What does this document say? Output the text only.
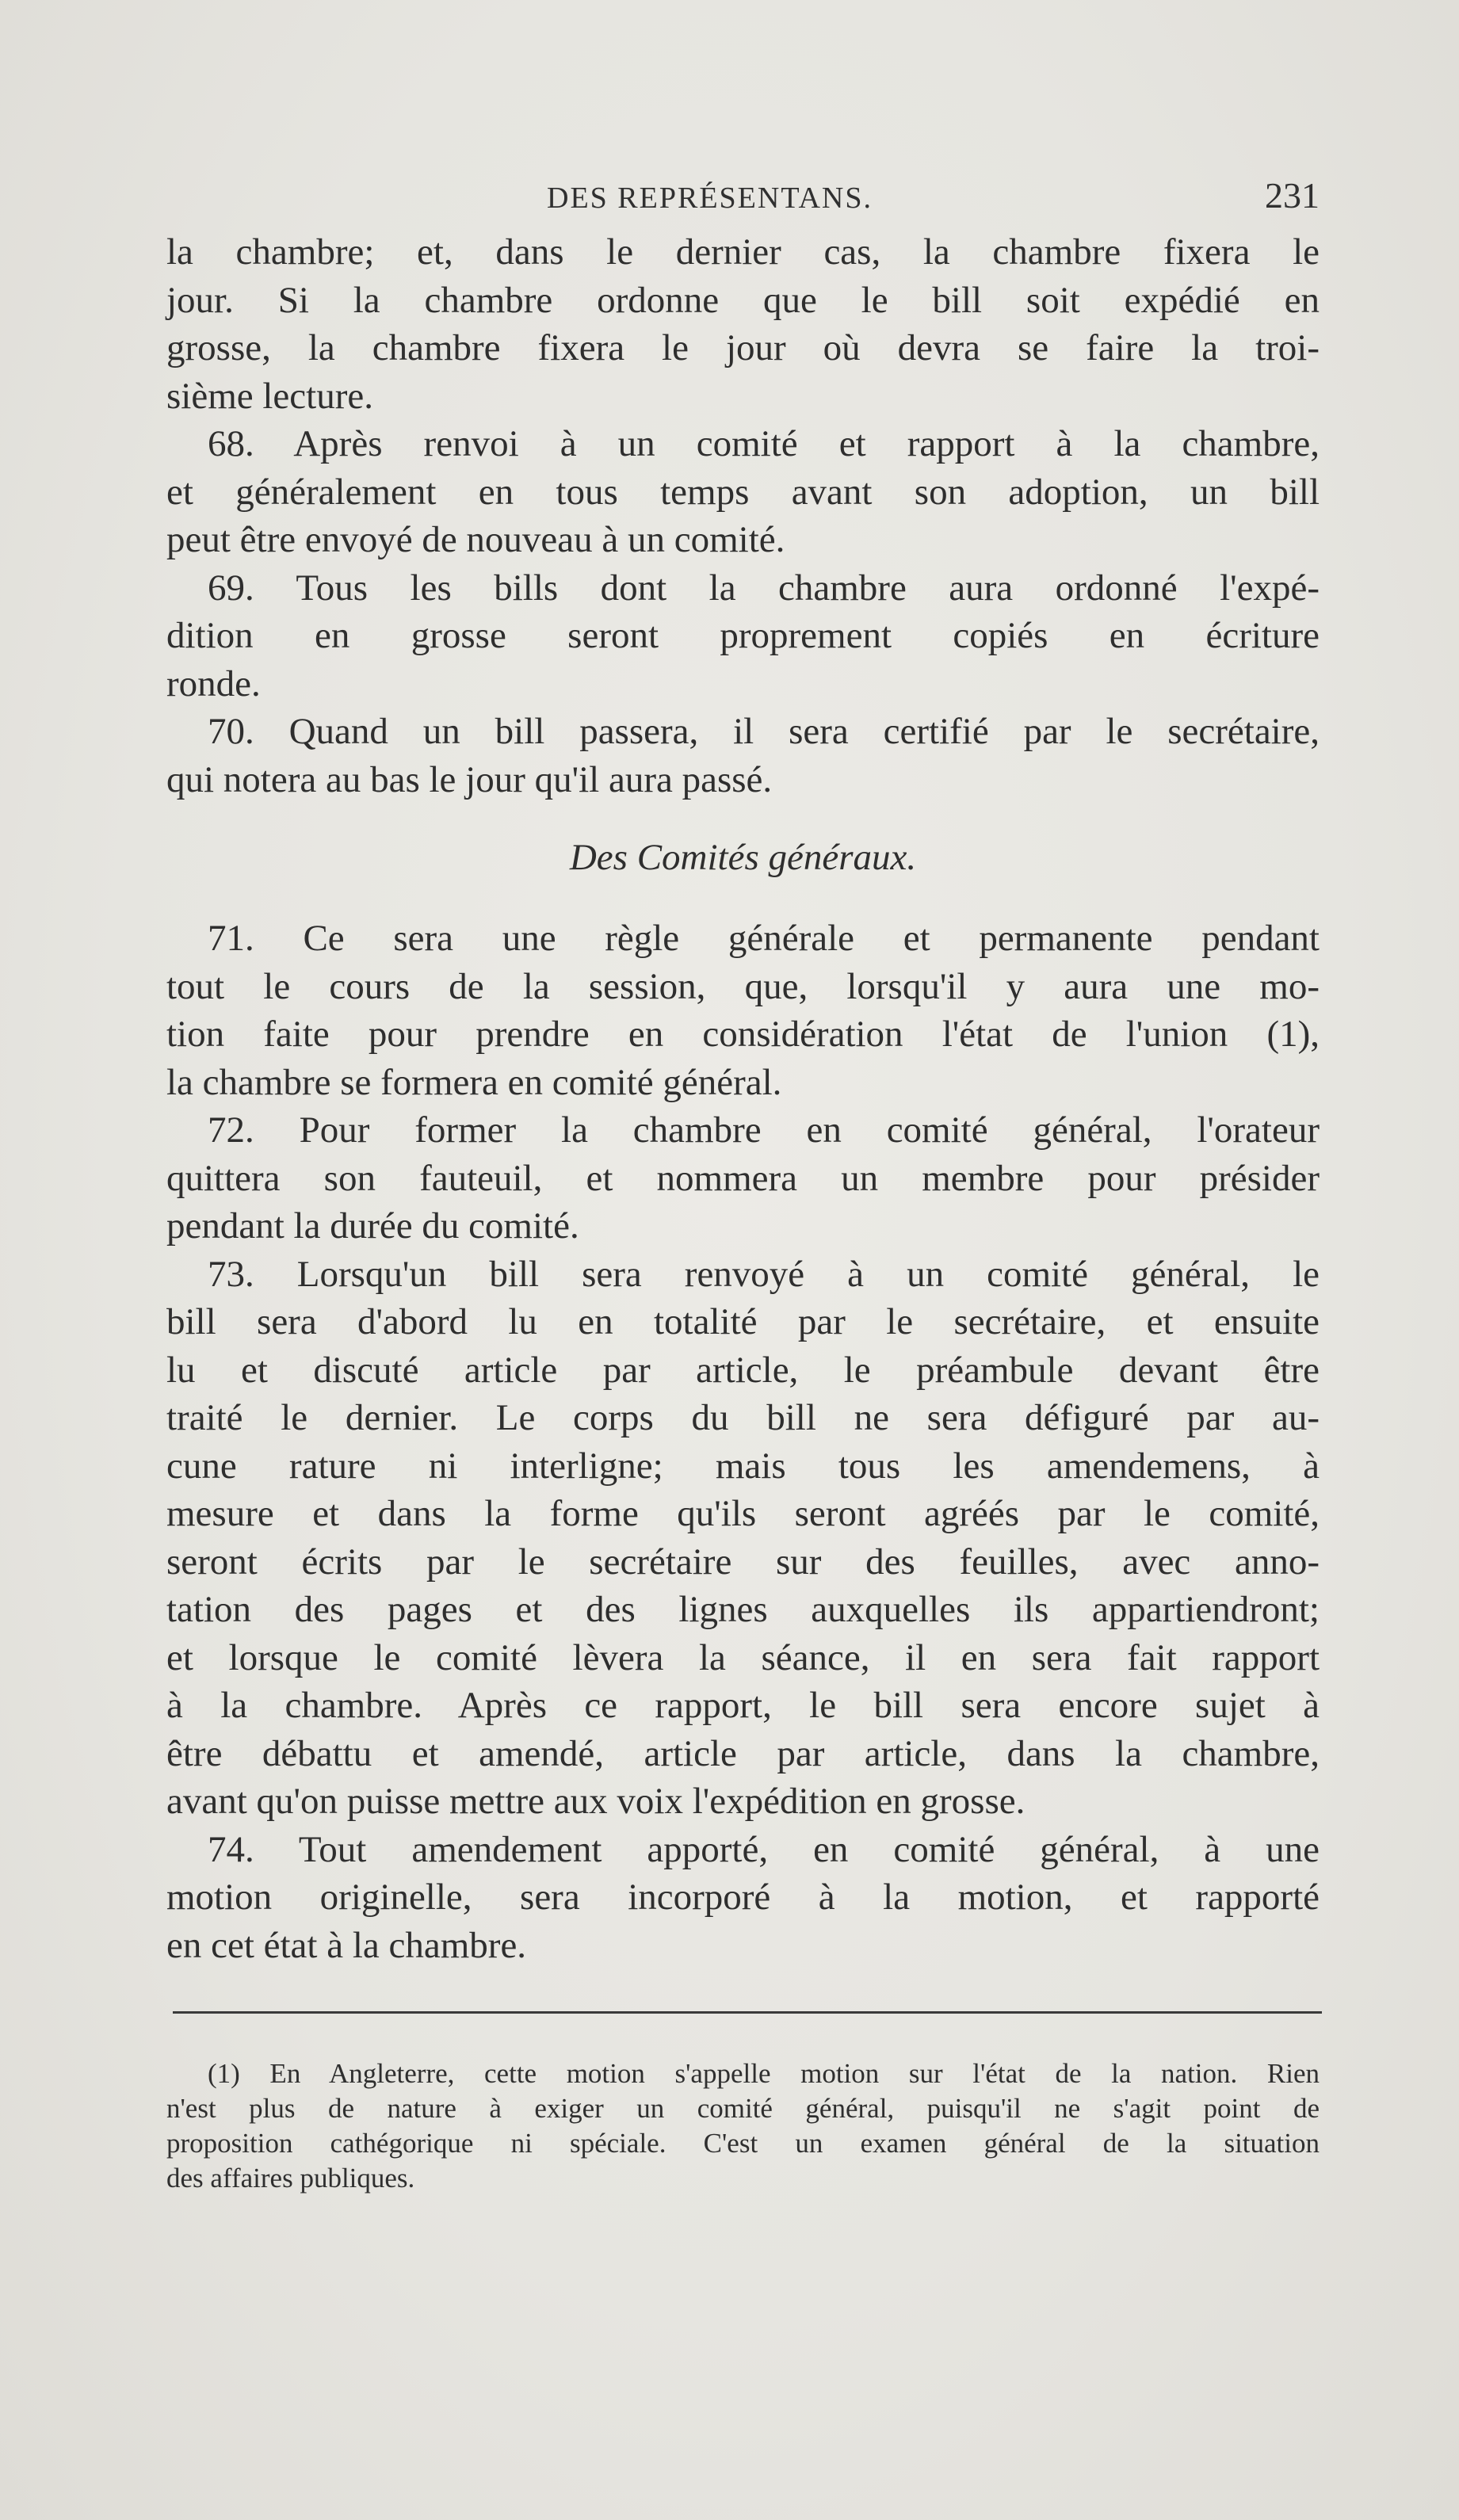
DES REPRÉSENTANS.	231
la chambre; et, dans le dernier cas, la chambre fixera le
jour. Si la chambre ordonne que le bill soit expédié en
grosse, la chambre fixera le jour où devra se faire la troi-
sième lecture.
68. Après renvoi à un comité et rapport à la chambre,
et généralement en tous temps avant son adoption, un bill
peut être envoyé de nouveau à un comité.
69. Tous les bills dont la chambre aura ordonné l'expé-
dition en grosse seront proprement copiés en écriture
ronde.
70. Quand un bill passera, il sera certifié par le secrétaire,
qui notera au bas le jour qu'il aura passé.
Des Comités généraux.
71. Ce sera une règle générale et permanente pendant
tout le cours de la session, que, lorsqu'il y aura une mo-
tion faite pour prendre en considération l'état de l'union (1),
la chambre se formera en comité général.
72. Pour former la chambre en comité général, l'orateur
quittera son fauteuil, et nommera un membre pour présider
pendant la durée du comité.
73. Lorsqu'un bill sera renvoyé à un comité général, le
bill sera d'abord lu en totalité par le secrétaire, et ensuite
lu et discuté article par article, le préambule devant être
traité le dernier. Le corps du bill ne sera défiguré par au-
cune rature ni interligne; mais tous les amendemens, à
mesure et dans la forme qu'ils seront agréés par le comité,
seront écrits par le secrétaire sur des feuilles, avec anno-
tation des pages et des lignes auxquelles ils appartiendront;
et lorsque le comité lèvera la séance, il en sera fait rapport
à la chambre. Après ce rapport, le bill sera encore sujet à
être débattu et amendé, article par article, dans la chambre,
avant qu'on puisse mettre aux voix l'expédition en grosse.
74. Tout amendement apporté, en comité général, à une
motion originelle, sera incorporé à la motion, et rapporté
en cet état à la chambre.
(1) En Angleterre, cette motion s'appelle motion sur l'état de la nation. Rien
n'est plus de nature à exiger un comité général, puisqu'il ne s'agit point de
proposition cathégorique ni spéciale. C'est un examen général de la situation
des affaires publiques.
